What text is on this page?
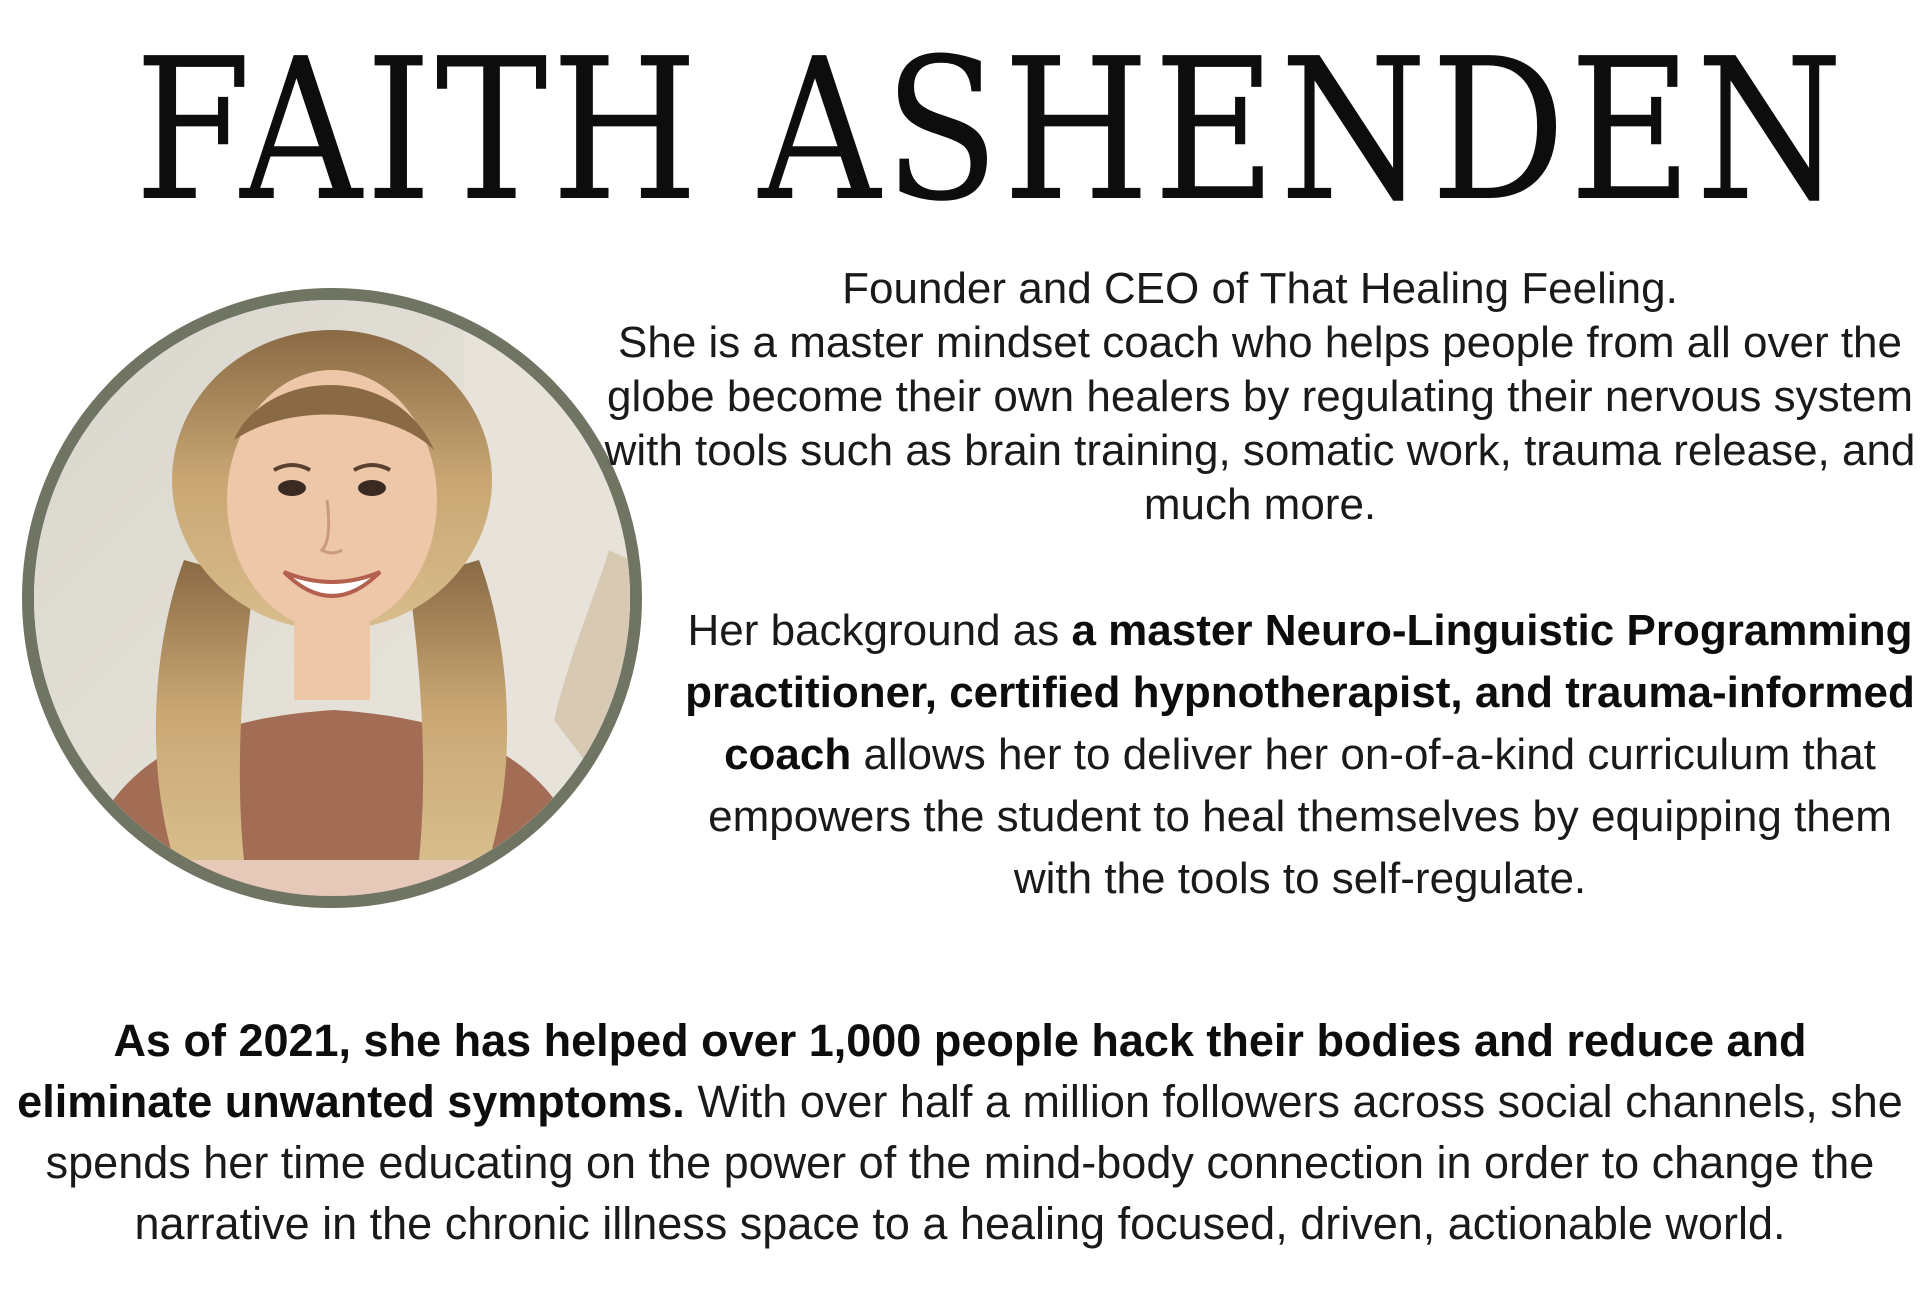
FAITH ASHENDEN
Founder and CEO of That Healing Feeling.
She is a master mindset coach who helps people from all over the globe become their own healers by regulating their nervous system with tools such as brain training, somatic work, trauma release, and much more.

Her background as a master Neuro-Linguistic Programming practitioner, certified hypnotherapist, and trauma-informed coach allows her to deliver her on-of-a-kind curriculum that empowers the student to heal themselves by equipping them with the tools to self-regulate.

As of 2021, she has helped over 1,000 people hack their bodies and reduce and eliminate unwanted symptoms. With over half a million followers across social channels, she spends her time educating on the power of the mind-body connection in order to change the narrative in the chronic illness space to a healing focused, driven, actionable world.
